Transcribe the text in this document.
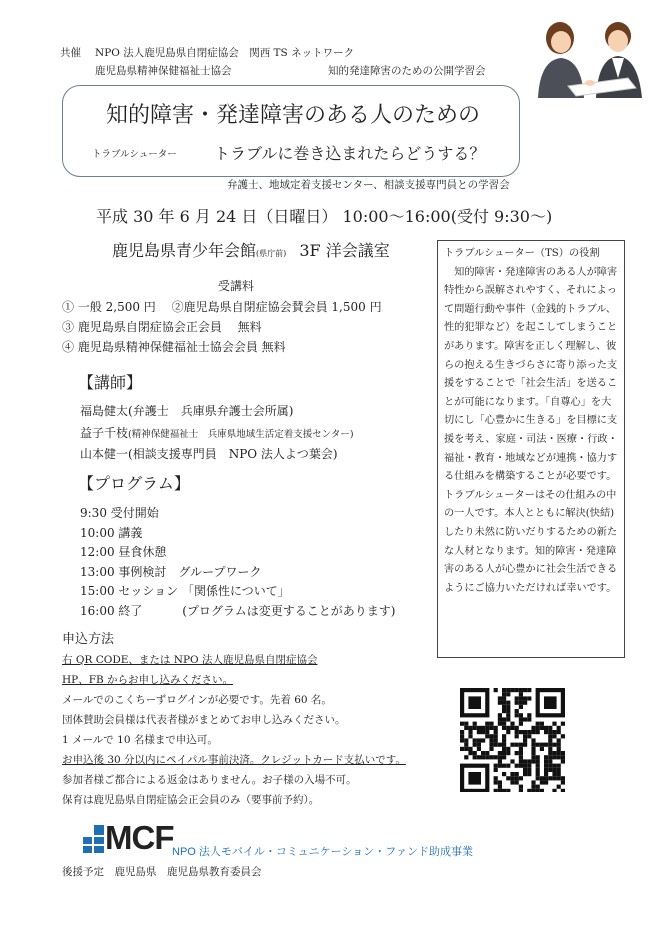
共催 NPO 法人鹿児島県自閉症協会　関西 TS ネットワーク
鹿児島県精神保健福祉士協会	知的発達障害のための公開学習会
知的障害・発達障害のある人のための
トラブルシューター トラブルに巻き込まれたらどうする？
弁護士、地域定着支援センター、相談支援専門員との学習会
平成 30 年 6 月 24 日（日曜日） 10:00〜16:00(受付 9:30〜)
鹿児島県青少年会館(県庁前) 3F 洋会議室
受講料
① 一般 2,500 円　 ②鹿児島県自閉症協会賛会員 1,500 円
③ 鹿児島県自閉症協会正会員　 無料
④ 鹿児島県精神保健福祉士協会会員 無料
【講師】
福島健太(弁護士　兵庫県弁護士会所属)
益子千枝(精神保健福祉士　兵庫県地域生活定着支援センター)
山本健一(相談支援専門員　NPO 法人よつ葉会)
【プログラム】
9:30 受付開始
10:00 講義
12:00 昼食休憩
13:00 事例検討　グループワーク
15:00 セッション 「関係性について」
16:00 終了　　　 (プログラムは変更することがあります)

トラブルシューター（TS）の役割

　知的障害・発達障害のある人が障害特性から誤解されやすく、それによって問題行動や事件（金銭的トラブル、性的犯罪など）を起こしてしまうことがあります。障害を正しく理解し、彼らの抱える生きづらさに寄り添った支援をすることで「社会生活」を送ることが可能になります。「自尊心」を大切にし「心豊かに生きる」を目標に支援を考え、家庭・司法・医療・行政・福祉・教育・地域などが連携・協力する仕組みを構築することが必要です。

トラブルシューターはその仕組みの中の一人です。本人とともに解決(快結)したり未然に防いだりするための新たな人材となります。知的障害・発達障害のある人が心豊かに社会生活できるようにご協力いただければ幸いです。

申込方法
右 QR CODE、または NPO 法人鹿児島県自閉症協会
HP、FB からお申し込みください。
メールでのこくちーずログインが必要です。先着 60 名。
団体賛助会員様は代表者様がまとめてお申し込みください。
1 メールで 10 名様まで申込可。
お申込後 30 分以内にペイパル事前決済。クレジットカード支払いです。
参加者様ご都合による返金はありません。お子様の入場不可。
保育は鹿児島県自閉症協会正会員のみ（要事前予約）。
MCF
NPO 法人モバイル・コミュニケーション・ファンド助成事業
後援予定　鹿児島県　鹿児島県教育委員会
